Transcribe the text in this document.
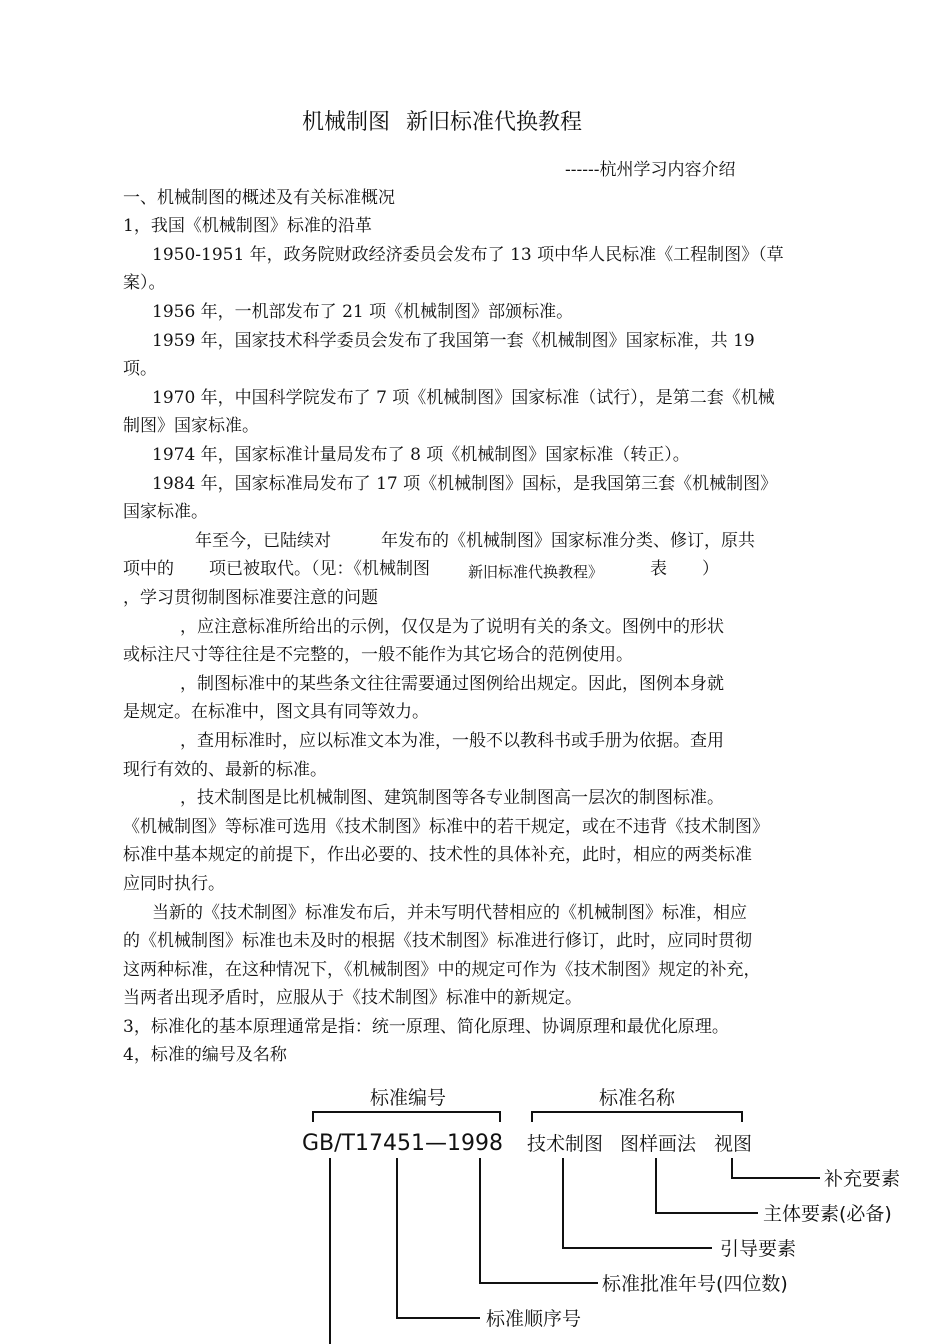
机械制图 新旧标准代换教程
------杭州学习内容介绍
一、机械制图的概述及有关标准概况
1，我国《机械制图》标准的沿革
1950-1951 年，政务院财政经济委员会发布了 13 项中华人民标准《工程制图》（草
案）。
1956 年，一机部发布了 21 项《机械制图》部颁标准。
1959 年，国家技术科学委员会发布了我国第一套《机械制图》国家标准，共 19
项。
1970 年，中国科学院发布了 7 项《机械制图》国家标准（试行），是第二套《机械
制图》国家标准。
1974 年，国家标准计量局发布了 8 项《机械制图》国家标准（转正）。
1984 年，国家标准局发布了 17 项《机械制图》国标，是我国第三套《机械制图》
国家标准。
年至今，已陆续对	年发布的《机械制图》国家标准分类、修订，原共
项中的 项已被取代。（见：《机械制图	新旧标准代换教程》	表 ）
，学习贯彻制图标准要注意的问题
，应注意标准所给出的示例，仅仅是为了说明有关的条文。图例中的形状
或标注尺寸等往往是不完整的，一般不能作为其它场合的范例使用。
，制图标准中的某些条文往往需要通过图例给出规定。因此，图例本身就
是规定。在标准中，图文具有同等效力。
，查用标准时，应以标准文本为准，一般不以教科书或手册为依据。查用
现行有效的、最新的标准。
，技术制图是比机械制图、建筑制图等各专业制图高一层次的制图标准。
《机械制图》等标准可选用《技术制图》标准中的若干规定，或在不违背《技术制图》
标准中基本规定的前提下，作出必要的、技术性的具体补充，此时，相应的两类标准
应同时执行。
当新的《技术制图》标准发布后，并未写明代替相应的《机械制图》标准，相应
的《机械制图》标准也未及时的根据《技术制图》标准进行修订，此时，应同时贯彻
这两种标准，在这种情况下，《机械制图》中的规定可作为《技术制图》规定的补充，
当两者出现矛盾时，应服从于《技术制图》标准中的新规定。
3，标准化的基本原理通常是指：统一原理、简化原理、协调原理和最优化原理。
4，标准的编号及名称
标准编号	标准名称
GB/T17451—1998 技术制图 图样画法 视图
补充要素
主体要素(必备)
引导要素
标准批准年号(四位数)
标准顺序号
